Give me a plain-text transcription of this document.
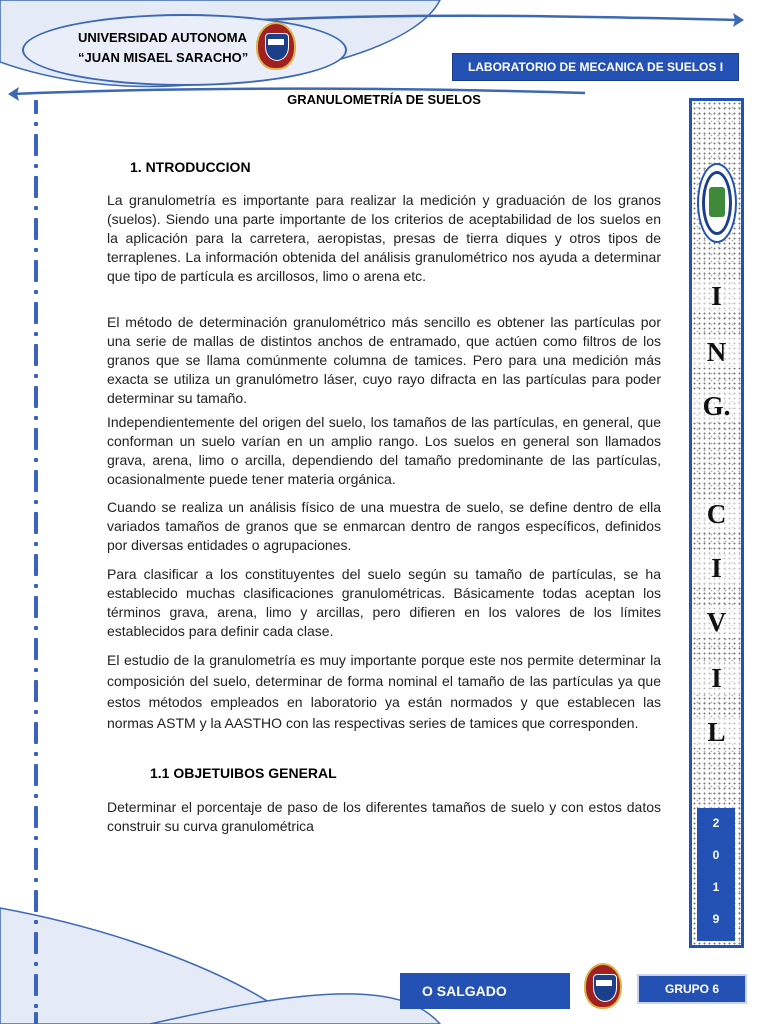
UNIVERSIDAD AUTONOMA
“JUAN MISAEL SARACHO”
LABORATORIO DE MECANICA DE SUELOS I
GRANULOMETRÍA DE SUELOS
1. NTRODUCCION

La granulometría es importante para realizar la medición y graduación de los granos (suelos). Siendo una parte importante de los criterios de aceptabilidad de los suelos en la aplicación para la carretera, aeropistas, presas de tierra diques y otros tipos de terraplenes. La información obtenida del análisis granulométrico nos ayuda a determinar que tipo de partícula es arcillosos, limo o arena etc.

El método de determinación granulométrico más sencillo es obtener las partículas por una serie de mallas de distintos anchos de entramado, que actúen como filtros de los granos que se llama comúnmente columna de tamices. Pero para una medición más exacta se utiliza un granulómetro láser, cuyo rayo difracta en las partículas para poder determinar su tamaño.

Independientemente del origen del suelo, los tamaños de las partículas, en general, que conforman un suelo varían en un amplio rango. Los suelos en general son llamados grava, arena, limo o arcilla, dependiendo del tamaño predominante de las partículas, ocasionalmente puede tener materia orgánica.

Cuando se realiza un análisis físico de una muestra de suelo, se define dentro de ella variados tamaños de granos que se enmarcan dentro de rangos específicos, definidos por diversas entidades o agrupaciones.

Para clasificar a los constituyentes del suelo según su tamaño de partículas, se ha establecido muchas clasificaciones granulométricas. Básicamente todas aceptan los términos grava, arena, limo y arcillas, pero difieren en los valores de los límites establecidos para definir cada clase.

El estudio de la granulometría es muy importante porque este nos permite determinar la composición del suelo, determinar de forma nominal el tamaño de las partículas ya que estos métodos empleados en laboratorio ya están normados y que establecen las normas ASTM y la AASTHO con las respectivas series de tamices que corresponden.

1.1 OBJETUIBOS GENERAL

Determinar el porcentaje de paso de los diferentes tamaños de suelo y con estos datos construir su curva granulométrica

I
N
G.
C
I
V
I
L
2
0
1
9
O SALGADO	GRUPO 6
